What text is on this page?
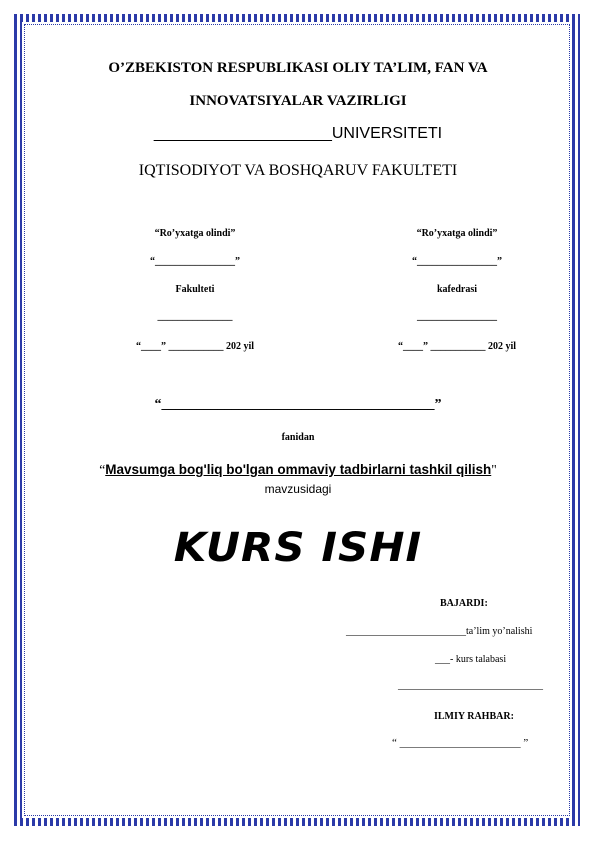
O’ZBEKISTON RESPUBLIKASI OLIY TA’LIM, FAN VA
INNOVATSIYALAR VAZIRLIGI
____________________UNIVERSITETI
IQTISODIYOT VA BOSHQARUV FAKULTETI
“Ro’yxatga olindi”
“________________”
Fakulteti
_______________
“____” ___________ 202 yil
“Ro’yxatga olindi”
“________________”
kafedrasi
________________
“____” ___________ 202 yil
“_______________________________________”
fanidan
“Mavsumga bog'liq bo'lgan ommaviy tadbirlarni tashkil qilish"
mavzusidagi
KURS ISHI
BAJARDI:
________________________ta’lim yo’nalishi
___- kurs talabasi
_____________________________
ILMIY RAHBAR:
“ ______________________ ”
